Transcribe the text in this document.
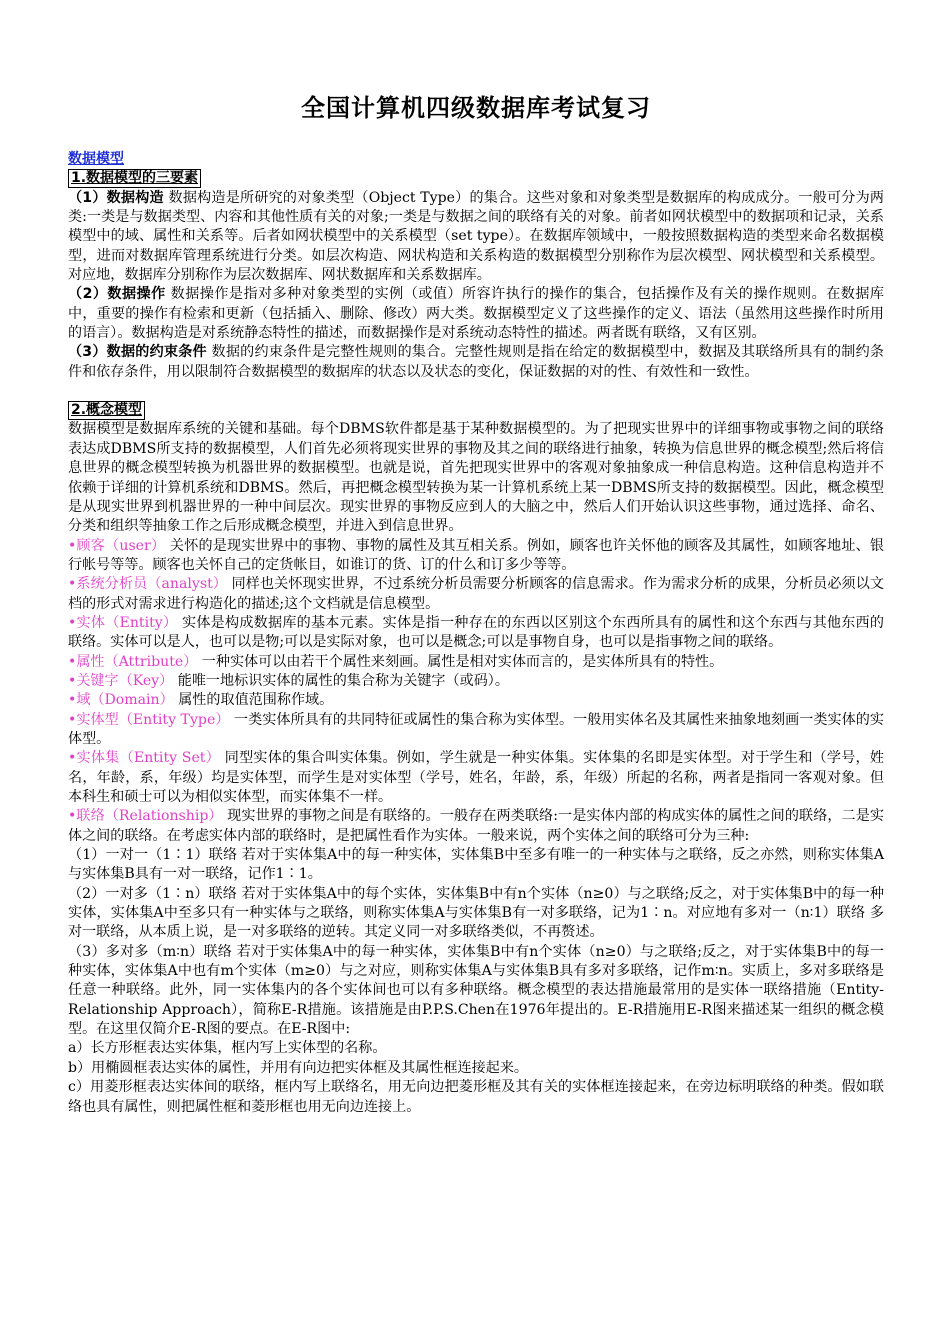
全国计算机四级数据库考试复习

数据模型

1.数据模型的三要素

（1）数据构造 数据构造是所研究的对象类型（Object Type）的集合。这些对象和对象类型是数据库的构成成分。一般可分为两类:一类是与数据类型、内容和其他性质有关的对象;一类是与数据之间的联络有关的对象。前者如网状模型中的数据项和记录，关系模型中的域、属性和关系等。后者如网状模型中的关系模型（set type）。在数据库领域中，一般按照数据构造的类型来命名数据模型，进而对数据库管理系统进行分类。如层次构造、网状构造和关系构造的数据模型分别称作为层次模型、网状模型和关系模型。对应地，数据库分别称作为层次数据库、网状数据库和关系数据库。

（2）数据操作 数据操作是指对多种对象类型的实例（或值）所容许执行的操作的集合，包括操作及有关的操作规则。在数据库中，重要的操作有检索和更新（包括插入、删除、修改）两大类。数据模型定义了这些操作的定义、语法（虽然用这些操作时所用的语言）。数据构造是对系统静态特性的描述，而数据操作是对系统动态特性的描述。两者既有联络，又有区别。

（3）数据的约束条件 数据的约束条件是完整性规则的集合。完整性规则是指在给定的数据模型中，数据及其联络所具有的制约条件和依存条件，用以限制符合数据模型的数据库的状态以及状态的变化，保证数据的对的性、有效性和一致性。

2.概念模型

数据模型是数据库系统的关键和基础。每个DBMS软件都是基于某种数据模型的。为了把现实世界中的详细事物或事物之间的联络表达成DBMS所支持的数据模型，人们首先必须将现实世界的事物及其之间的联络进行抽象，转换为信息世界的概念模型;然后将信息世界的概念模型转换为机器世界的数据模型。也就是说，首先把现实世界中的客观对象抽象成一种信息构造。这种信息构造并不依赖于详细的计算机系统和DBMS。然后，再把概念模型转换为某一计算机系统上某一DBMS所支持的数据模型。因此，概念模型是从现实世界到机器世界的一种中间层次。现实世界的事物反应到人的大脑之中，然后人们开始认识这些事物，通过选择、命名、分类和组织等抽象工作之后形成概念模型，并进入到信息世界。

•顾客（user） 关怀的是现实世界中的事物、事物的属性及其互相关系。例如，顾客也许关怀他的顾客及其属性，如顾客地址、银行帐号等等。顾客也关怀自己的定货帐目，如谁订的货、订的什么和订多少等等。

•系统分析员（analyst） 同样也关怀现实世界，不过系统分析员需要分析顾客的信息需求。作为需求分析的成果，分析员必须以文档的形式对需求进行构造化的描述;这个文档就是信息模型。

•实体（Entity） 实体是构成数据库的基本元素。实体是指一种存在的东西以区别这个东西所具有的属性和这个东西与其他东西的联络。实体可以是人，也可以是物;可以是实际对象，也可以是概念;可以是事物自身，也可以是指事物之间的联络。

•属性（Attribute） 一种实体可以由若干个属性来刻画。属性是相对实体而言的，是实体所具有的特性。

•关键字（Key） 能唯一地标识实体的属性的集合称为关键字（或码）。

•域（Domain） 属性的取值范围称作域。

•实体型（Entity Type） 一类实体所具有的共同特征或属性的集合称为实体型。一般用实体名及其属性来抽象地刻画一类实体的实体型。

•实体集（Entity Set） 同型实体的集合叫实体集。例如，学生就是一种实体集。实体集的名即是实体型。对于学生和（学号，姓名，年龄，系，年级）均是实体型，而学生是对实体型（学号，姓名，年龄，系，年级）所起的名称，两者是指同一客观对象。但本科生和硕士可以为相似实体型，而实体集不一样。

•联络（Relationship） 现实世界的事物之间是有联络的。一般存在两类联络:一是实体内部的构成实体的属性之间的联络，二是实体之间的联络。在考虑实体内部的联络时，是把属性看作为实体。一般来说，两个实体之间的联络可分为三种:

（1）一对一（1∶1）联络 若对于实体集A中的每一种实体，实体集B中至多有唯一的一种实体与之联络，反之亦然，则称实体集A与实体集B具有一对一联络，记作1∶1。

（2）一对多（1∶n）联络 若对于实体集A中的每个实体，实体集B中有n个实体（n≥0）与之联络;反之，对于实体集B中的每一种实体，实体集A中至多只有一种实体与之联络，则称实体集A与实体集B有一对多联络，记为1∶n。对应地有多对一（n∶1）联络 多对一联络，从本质上说，是一对多联络的逆转。其定义同一对多联络类似，不再赘述。

（3）多对多（m∶n）联络 若对于实体集A中的每一种实体，实体集B中有n个实体（n≥0）与之联络;反之，对于实体集B中的每一种实体，实体集A中也有m个实体（m≥0）与之对应，则称实体集A与实体集B具有多对多联络，记作m∶n。实质上，多对多联络是任意一种联络。此外，同一实体集内的各个实体间也可以有多种联络。概念模型的表达措施最常用的是实体一联络措施（Entity-Relationship Approach），简称E-R措施。该措施是由P.P.S.Chen在1976年提出的。E-R措施用E-R图来描述某一组织的概念模型。在这里仅简介E-R图的要点。在E-R图中:

a）长方形框表达实体集，框内写上实体型的名称。

b）用椭圆框表达实体的属性，并用有向边把实体框及其属性框连接起来。

c）用菱形框表达实体间的联络，框内写上联络名，用无向边把菱形框及其有关的实体框连接起来，在旁边标明联络的种类。假如联络也具有属性，则把属性框和菱形框也用无向边连接上。
